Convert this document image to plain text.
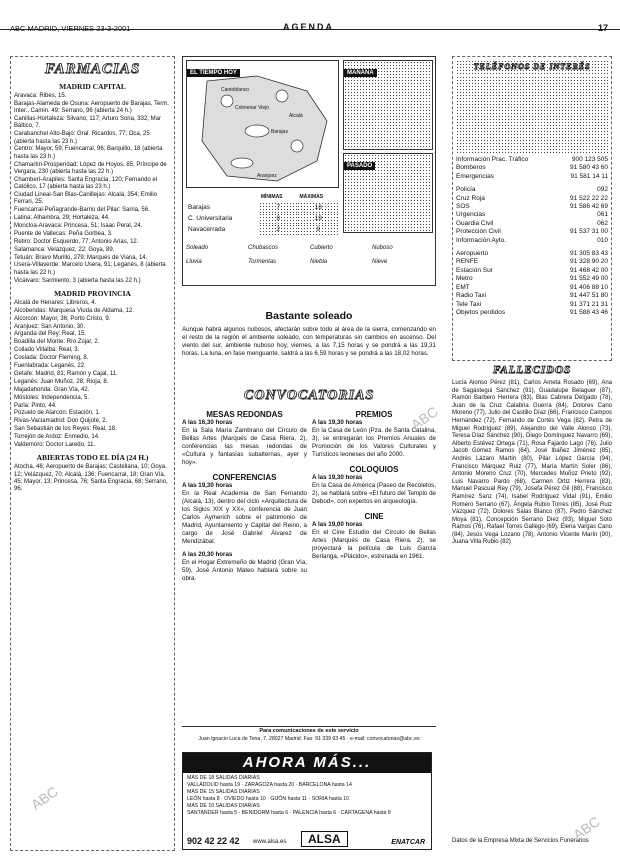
ABC MADRID, VIERNES 23-3-2001	AGENDA	17
FARMACIAS
MADRID CAPITAL

Aravaca: Ribes, 15.

Barajas-Alameda de Osuna: Aeropuerto de Barajas, Term. Inter., Camin. 49; Serrano, 96 (abierta 24 h.)

Canillas-Hortaleza: Silvano, 117; Arturo Soria, 332; Mar Báltico, 7.

Carabanchel Alto-Bajo: Gral. Ricardos, 77; Oca, 25 (abierta hasta las 23 h.)

Centro: Mayor, 59; Fuencarral, 96; Barquillo, 18 (abierta hasta las 23 h.)

Chamartín-Prosperidad: López de Hoyos, 85; Príncipe de Vergara, 230 (abierta hasta las 22 h.)

Chamberí-Arapiles: Santa Engracia, 120; Fernando el Católico, 17 (abierta hasta las 23 h.)

Ciudad Lineal-San Blas-Canillejas: Alcalá, 354; Emilio Ferrari, 25.

Fuencarral-Peñagrande-Barrio del Pilar: Sarria, 56.

Latina: Alhambra, 29; Hortaleza, 44.

Moncloa-Aravaca: Princesa, 51; Isaac Peral, 24.

Puente de Vallecas: Peña Gorbea, 3.

Retiro: Doctor Esquerdo, 77; Antonio Arias, 12.

Salamanca: Velázquez, 22; Goya, 89.

Tetuán: Bravo Murillo, 279; Marqués de Viana, 14.

Usera-Villaverde: Marcelo Usera, 91; Leganés, 8 (abierta hasta las 22 h.)

Vicálvaro: Sarmiento, 3 (abierta hasta las 22 h.)

MADRID PROVINCIA

Alcalá de Henares: Libreros, 4.

Alcobendas: Marquesa Viuda de Aldama, 12.

Alcorcón: Mayor, 36; Porto Cristo, 9.

Aranjuez: San Antonio, 30.

Arganda del Rey: Real, 15.

Boadilla del Monte: Río Zújar, 2.

Collado Villalba: Real, 3.

Coslada: Doctor Fleming, 8.

Fuenlabrada: Leganés, 22.

Getafe: Madrid, 81; Ramón y Cajal, 11.

Leganés: Juan Muñoz, 28; Rioja, 8.

Majadahonda: Gran Vía, 42.

Móstoles: Independencia, 5.

Parla: Pinto, 44.

Pozuelo de Alarcón: Estación, 1.

Rivas-Vaciamadrid: Don Quijote, 2.

San Sebastián de los Reyes: Real, 18.

Torrejón de Ardoz: Enmedio, 14.

Valdemoro: Doctor Laredo, 11.

ABIERTAS TODO EL DÍA (24 H.)
Atocha, 46; Aeropuerto de Barajas; Castellana, 10; Goya, 12; Velázquez, 70; Alcalá, 136; Fuencarral, 18; Gran Vía, 45; Mayor, 13; Princesa, 76; Santa Engracia, 68; Serrano, 96.
EL TIEMPO HOY
Cantoblanco
Colmenar Viejo
Alcalá
Barajas
Aranjuez
MAÑANA
PASADO
	MÍNIMAS	MÁXIMAS
Barajas	7	18
C. Universitaria	8	19
Navacerrada	2	9
Soleado	Chubascos	Cubierto	Nuboso
Lluvia	Tormentas	Niebla	Nieve
Bastante soleado
Aunque habrá algunos nubosos, afectarán sobre todo al área de la sierra, comenzando en el resto de la región el ambiente soleado, con temperaturas sin cambios en ascenso. Del viento del sur, ambiente nuboso hoy, viernes, a las 7,15 horas y se pondrá a las 19,31 horas. La luna, en fase menguante, saldrá a las 6,59 horas y se pondrá a las 18,02 horas.
CONVOCATORIAS
MESAS REDONDAS
A las 16,30 horas
En la Sala María Zambrano del Círculo de Bellas Artes (Marqués de Casa Riera, 2), conferencias las mesas redondas de «Cultura y fantasías subalternas, ayer y hoy».
CONFERENCIAS
A las 19,30 horas
En la Real Academia de San Fernando (Alcalá, 13), dentro del ciclo «Arquitectura de los Siglos XIX y XX», conferencia de Juan Carlos Aymerich sobre el patrimonio de Madrid, Ayuntamiento y Capital del Reino, a cargo de José Gabriel Álvarez de Mendizábal.
A las 20,30 horas
En el Hogar Extremeño de Madrid (Gran Vía, 59), José Antonio Mateo hablará sobre su obra.
PREMIOS
A las 19,30 horas
En la Casa de León (Pza. de Santa Catalina, 3), se entregarán los Premios Anuales de Promoción de los Valores Culturales y Turísticos leoneses del año 2000.
COLOQUIOS
A las 19,30 horas
En la Casa de América (Paseo de Recoletos, 2), se hablará sobre «El futuro del Templo de Debod», con expertos en arqueología.
CINE
A las 19,00 horas
En el Cine Estudio del Círculo de Bellas Artes (Marqués de Casa Riera, 2), se proyectará la película de Luis García Berlanga, «Plácido», estrenada en 1961.
Para comunicaciones de este servicio
Juan Ignacio Luca de Tena, 7. 28027 Madrid. Fax: 91 339 93 45 · e-mail: convocatorias@abc.es
AHORA MÁS...

MÁS DE 18 SALIDAS DIARIAS

VALLADOLID hasta 19 · ZARAGOZA hasta 20 · BARCELONA hasta 14

MÁS DE 15 SALIDAS DIARIAS

LEÓN hasta 8 · OVIEDO hasta 10 · GIJÓN hasta 11 · SORIA hasta 10

MÁS DE 10 SALIDAS DIARIAS

SANTANDER hasta 5 · BENIDORM hasta 6 · PALENCIA hasta 6 · CARTAGENA hasta 8

902 42 22 42 www.alsa.es	ALSA	ENATCAR
TELÉFONOS DE INTERÉS
Información Prac. Tráfico	900 123 505
Bomberos	91 580 43 60
Emergencias	91 581 14 11
Policía	092
Cruz Roja	91 522 22 22
SOS	91 586 42 69
Urgencias	061
Guardia Civil	062
Protección Civil	91 537 31 00
Información Ayto.	010
Aeropuerto	91 305 83 43
RENFE	91 328 90 20
Estación Sur	91 468 42 00
Metro	91 552 49 00
EMT	91 406 88 10
Radio Taxi	91 447 51 80
Tele Taxi	91 371 21 31
Objetos perdidos	91 588 43 46
FALLECIDOS
Lucía Alonso Pérez (81), Carlos Ameta Rosado (69), Ana de Sagástegui Sánchez (91), Guadalupe Belaguer (87), Ramón Barbero Herrera (83), Blas Cabrera Delgado (78), Juan de la Cruz Calabria Guerra (84), Dolores Cano Moreno (77), Julio del Castillo Díaz (66), Francisco Campos Hernández (72), Fernando de Cortés Vega (82), Petra de Miguel Rodríguez (89), Alejandro del Valle Alonso (73), Teresa Díaz Sánchez (90), Diego Domínguez Navarro (69), Alberto Estévez Ortega (71), Rosa Fajardo Lago (76), Julio Jacob Gómez Ramos (64), José Ibáñez Jiménez (85), Andrés Lázaro Martín (80), Pilar López García (94), Francisco Márquez Ruiz (77), María Martín Soler (86), Antonio Moreno Cruz (70), Mercedes Muñoz Prieto (92), Luis Navarro Pardo (68), Carmen Ortiz Herrera (83), Manuel Pascual Rey (79), Josefa Pérez Gil (88), Francisco Ramírez Sanz (74), Isabel Rodríguez Vidal (91), Emilio Romero Serrano (67), Ángela Rubio Torres (85), José Ruiz Vázquez (72), Dolores Salas Blanco (87), Pedro Sánchez Moya (81), Concepción Serrano Díez (93), Miguel Soto Ramos (76), Rafael Torres Gallego (69), Elena Vargas Cano (84), Jesús Vega Lozano (78), Antonio Vicente Marín (90), Juana Villa Rubio (82)
Datos de la Empresa Mixta de Servicios Funerarios
ABC
ABC
ABC
